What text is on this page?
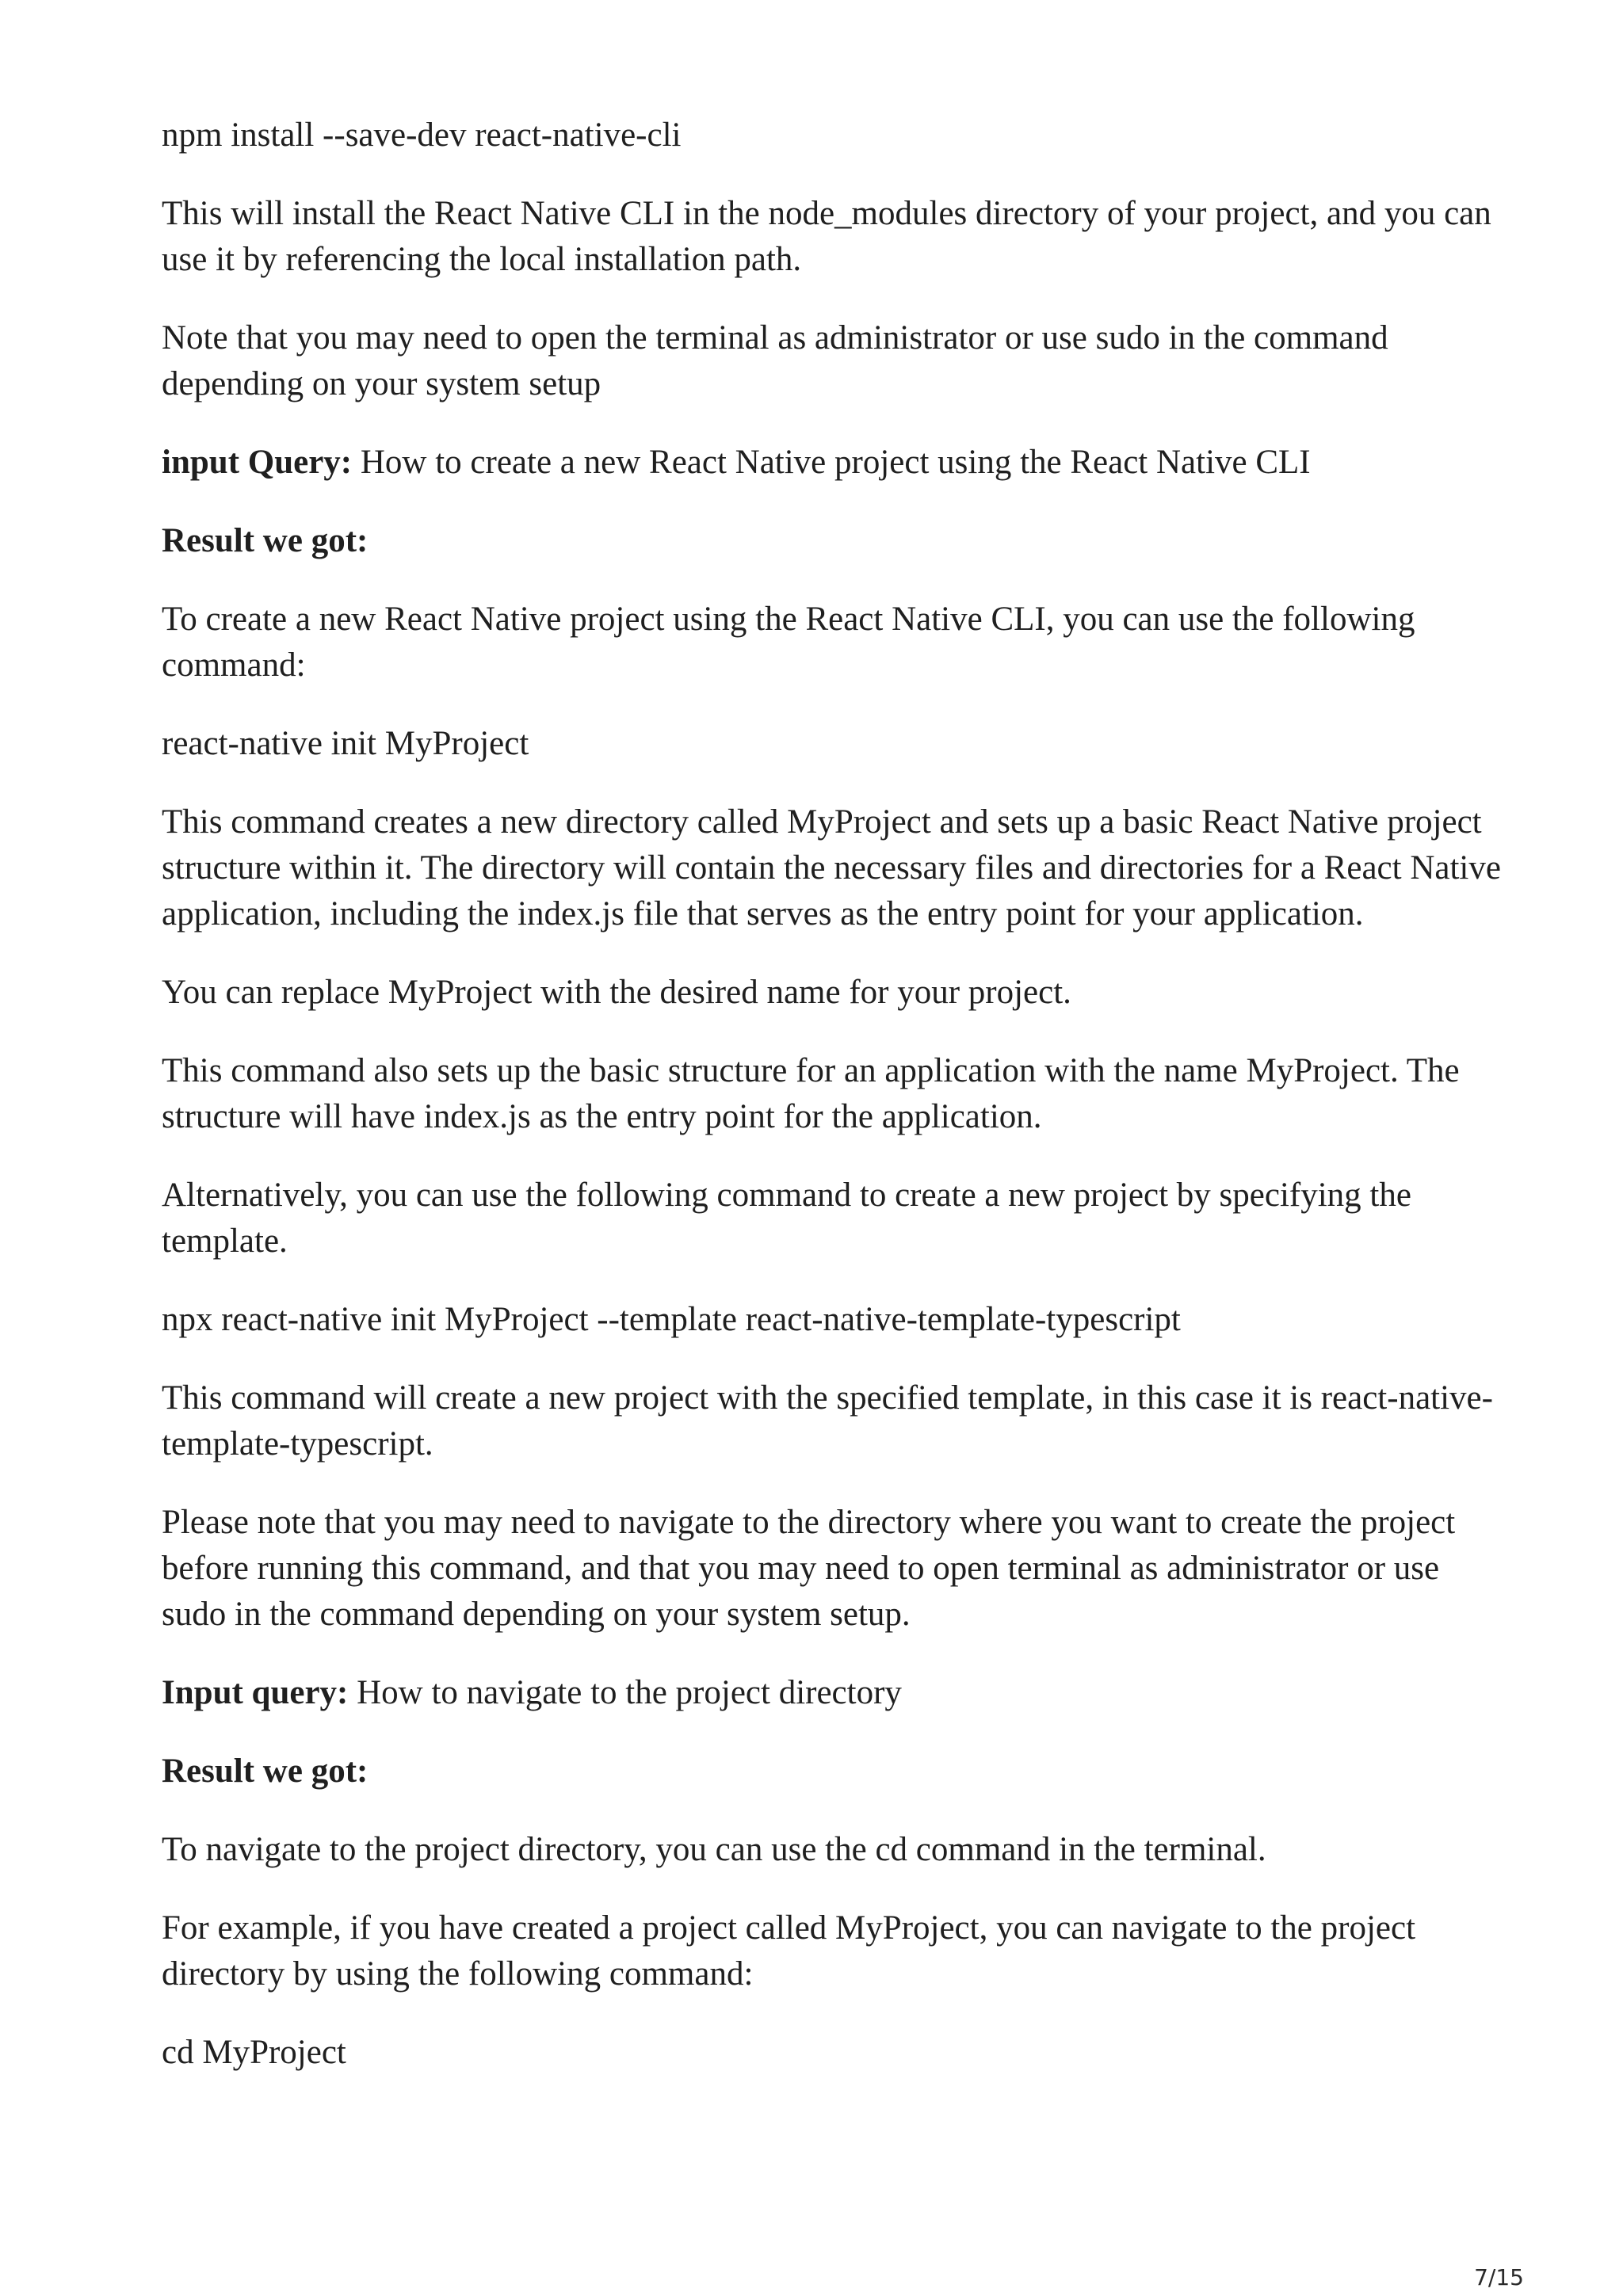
npm install --save-dev react-native-cli

This will install the React Native CLI in the node_modules directory of your project, and you can use it by referencing the local installation path.

Note that you may need to open the terminal as administrator or use sudo in the command depending on your system setup

input Query: How to create a new React Native project using the React Native CLI

Result we got:

To create a new React Native project using the React Native CLI, you can use the following command:

react-native init MyProject

This command creates a new directory called MyProject and sets up a basic React Native project structure within it. The directory will contain the necessary files and directories for a React Native application, including the index.js file that serves as the entry point for your application.

You can replace MyProject with the desired name for your project.

This command also sets up the basic structure for an application with the name MyProject. The structure will have index.js as the entry point for the application.

Alternatively, you can use the following command to create a new project by specifying the template.

npx react-native init MyProject --template react-native-template-typescript

This command will create a new project with the specified template, in this case it is react-native-template-typescript.

Please note that you may need to navigate to the directory where you want to create the project before running this command, and that you may need to open terminal as administrator or use sudo in the command depending on your system setup.

Input query: How to navigate to the project directory

Result we got:

To navigate to the project directory, you can use the cd command in the terminal.

For example, if you have created a project called MyProject, you can navigate to the project directory by using the following command:

cd MyProject

7/15
